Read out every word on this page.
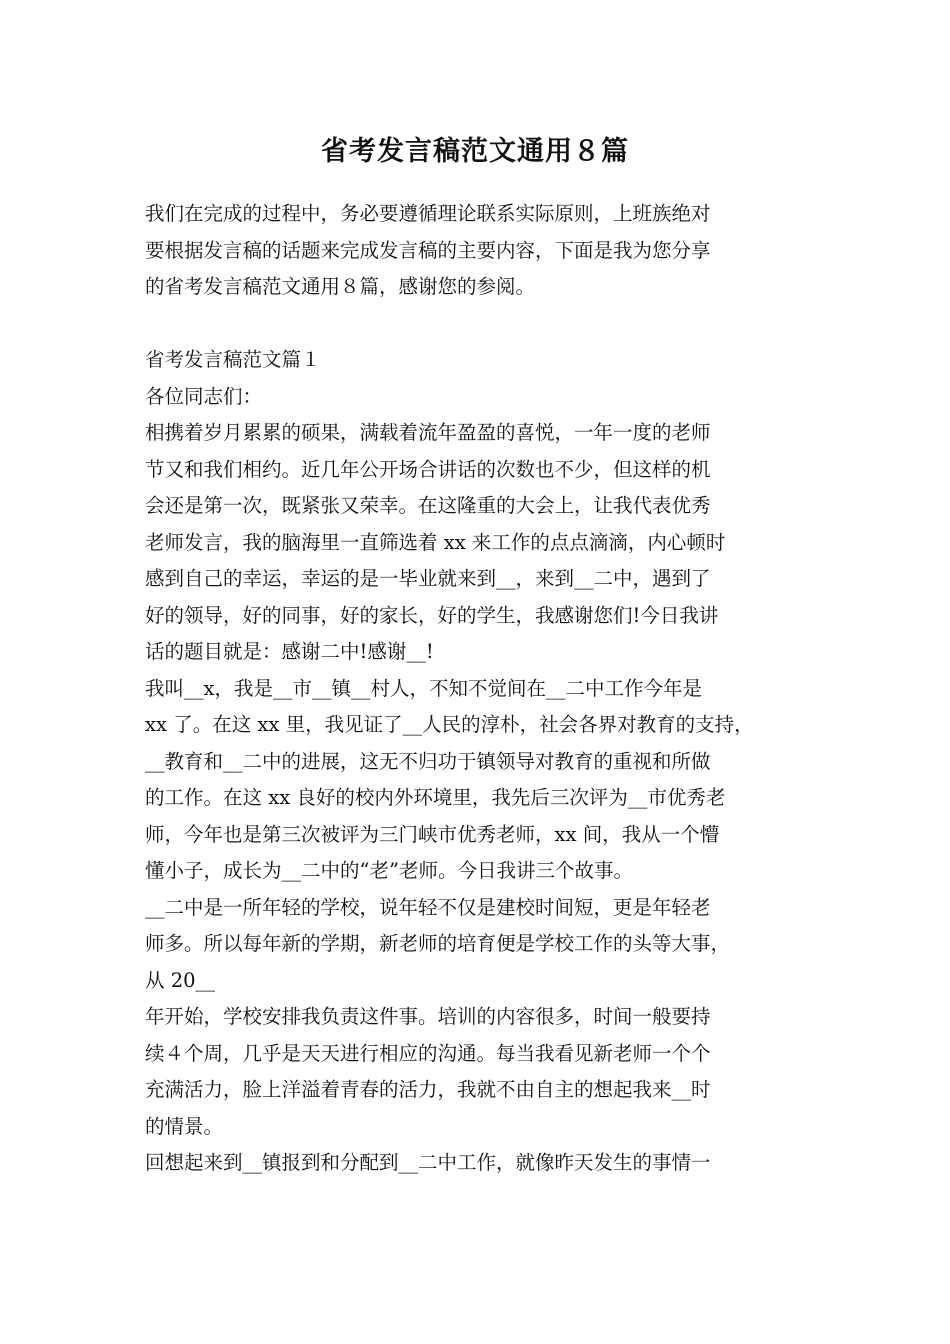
省考发言稿范文通用８篇
我们在完成的过程中，务必要遵循理论联系实际原则，上班族绝对
要根据发言稿的话题来完成发言稿的主要内容，下面是我为您分享
的省考发言稿范文通用８篇，感谢您的参阅。
省考发言稿范文篇１
各位同志们：
相携着岁月累累的硕果，满载着流年盈盈的喜悦，一年一度的老师
节又和我们相约。近几年公开场合讲话的次数也不少，但这样的机
会还是第一次，既紧张又荣幸。在这隆重的大会上，让我代表优秀
老师发言，我的脑海里一直筛选着 xx 来工作的点点滴滴，内心顿时
感到自己的幸运，幸运的是一毕业就来到__，来到__二中，遇到了
好的领导，好的同事，好的家长，好的学生，我感谢您们!今日我讲
话的题目就是：感谢二中!感谢__!
我叫__x，我是__市__镇__村人，不知不觉间在__二中工作今年是
xx 了。在这 xx 里，我见证了__人民的淳朴，社会各界对教育的支持，
__教育和__二中的进展，这无不归功于镇领导对教育的重视和所做
的工作。在这 xx 良好的校内外环境里，我先后三次评为__市优秀老
师，今年也是第三次被评为三门峡市优秀老师，xx 间，我从一个懵
懂小子，成长为__二中的“老”老师。今日我讲三个故事。
__二中是一所年轻的学校，说年轻不仅是建校时间短，更是年轻老
师多。所以每年新的学期，新老师的培育便是学校工作的头等大事，
从 20__
年开始，学校安排我负责这件事。培训的内容很多，时间一般要持
续４个周，几乎是天天进行相应的沟通。每当我看见新老师一个个
充满活力，脸上洋溢着青春的活力，我就不由自主的想起我来__时
的情景。
回想起来到__镇报到和分配到__二中工作，就像昨天发生的事情一
